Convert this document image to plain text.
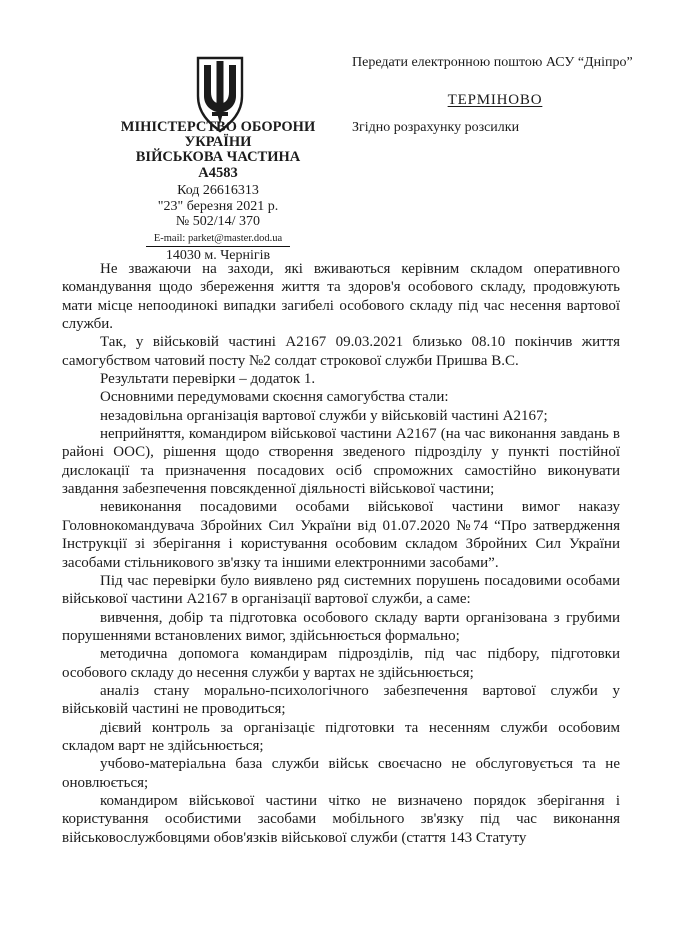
МІНІСТЕРСТВО ОБОРОНИ
УКРАЇНИ
ВІЙСЬКОВА ЧАСТИНА
А4583
Код 26616313
"23" березня 2021 р.
№ 502/14/ 370
E-mail: parket@master.dod.ua
14030 м. Чернігів
Передати електронною поштою АСУ “Дніпро”
ТЕРМІНОВО
Згідно розрахунку розсилки

Не зважаючи на заходи, які вживаються керівним складом оперативного командування щодо збереження життя та здоров'я особового складу, продовжують мати місце непоодинокі випадки загибелі особового складу під час несення вартової служби.

Так, у військовій частині А2167 09.03.2021 близько 08.10 покінчив життя самогубством чатовий посту №2 солдат строкової служби Пришва В.С.

Результати перевірки – додаток 1.

Основними передумовами скоєння самогубства стали:

незадовільна організація вартової служби у військовій частині А2167;

неприйняття, командиром військової частини А2167 (на час виконання завдань в районі ООС), рішення щодо створення зведеного підрозділу у пункті постійної дислокації та призначення посадових осіб спроможних самостійно виконувати завдання забезпечення повсякденної діяльності військової частини;

невиконання посадовими особами військової частини вимог наказу Головнокомандувача Збройних Сил України від 01.07.2020 №74 “Про затвердження Інструкції зі зберігання і користування особовим складом Збройних Сил України засобами стільникового зв'язку та іншими електронними засобами”.

Під час перевірки було виявлено ряд системних порушень посадовими особами військової частини А2167 в організації вартової служби, а саме:

вивчення, добір та підготовка особового складу варти організована з грубими порушеннями встановлених вимог, здійсьнюється формально;

методична допомога командирам підрозділів, під час підбору, підготовки особового складу до несення служби у вартах не здійсьнюється;

аналіз стану морально-психологічного забезпечення вартової служби у військовій частині не проводиться;

дієвий контроль за організаціє підготовки та несенням служби особовим складом варт не здійсьнюється;

учбово-матеріальна база служби військ своєчасно не обслуговується та не оновлюється;

командиром військової частини чітко не визначено порядок зберігання і користування особистими засобами мобільного зв'язку під час виконання військовослужбовцями обов'язків військової служби (стаття 143 Статуту
